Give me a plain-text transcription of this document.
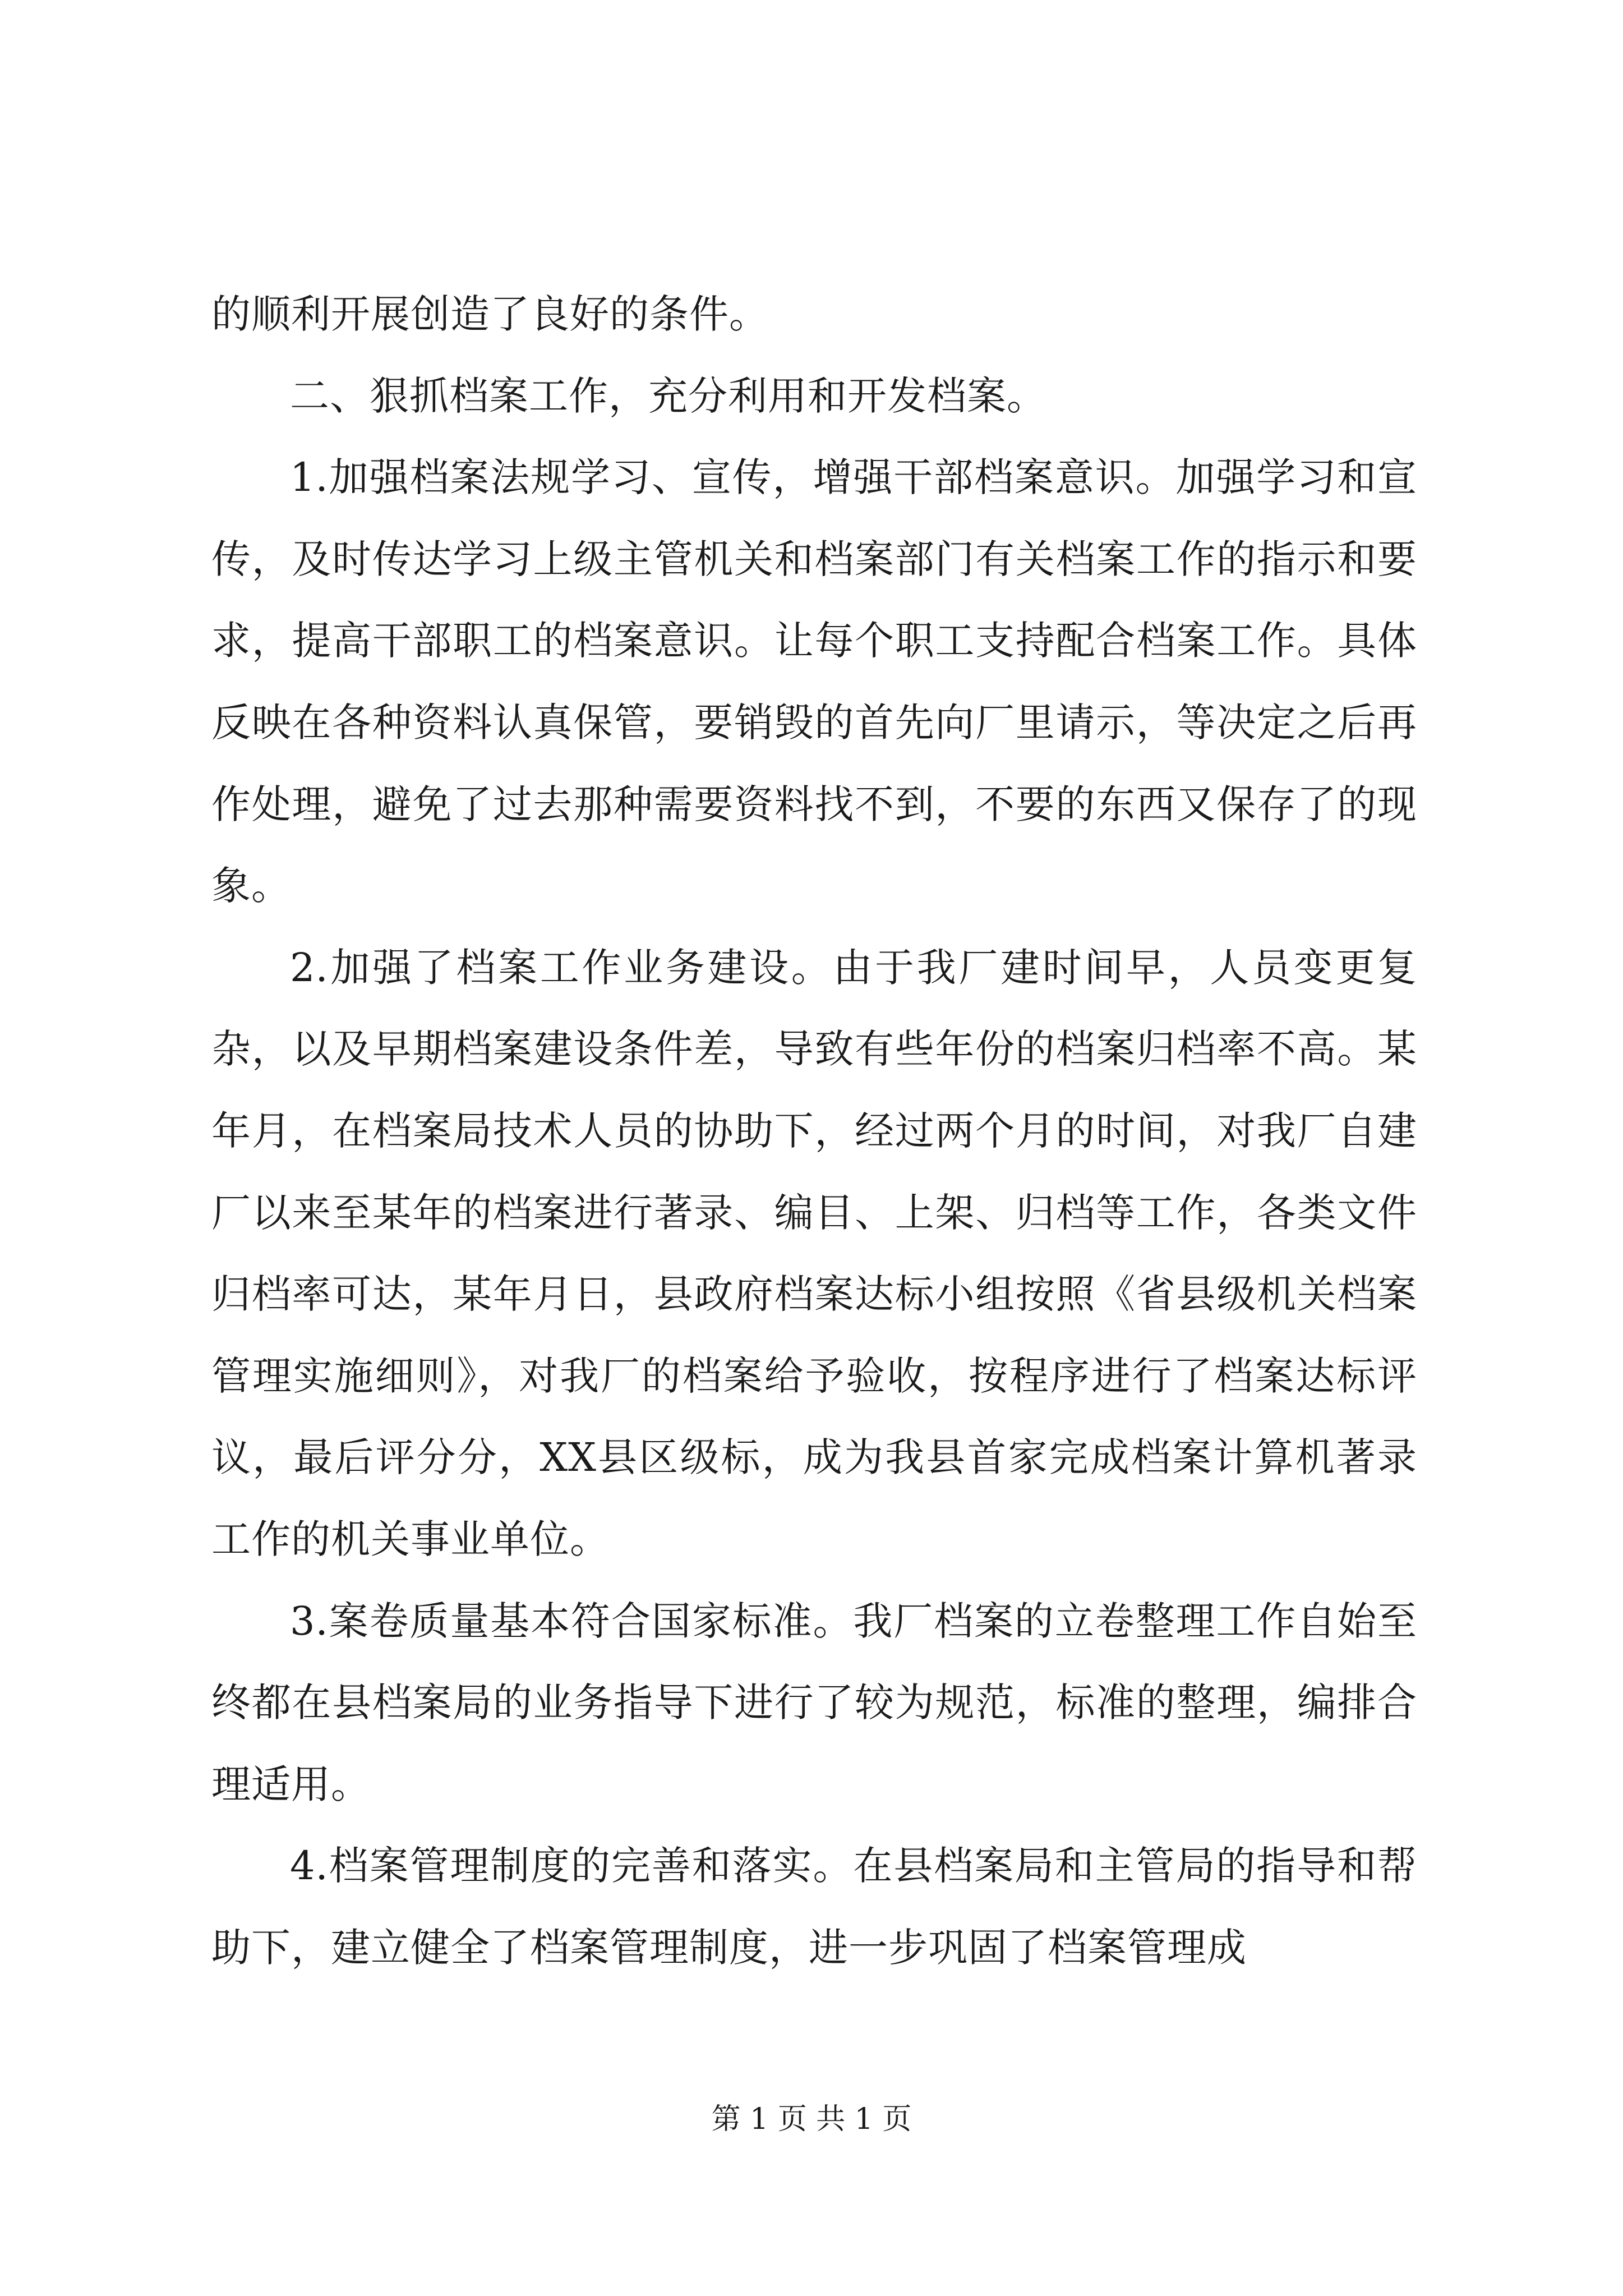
的顺利开展创造了良好的条件。

二、狠抓档案工作，充分利用和开发档案。

1.加强档案法规学习、宣传，增强干部档案意识。加强学习和宣传，及时传达学习上级主管机关和档案部门有关档案工作的指示和要求，提高干部职工的档案意识。让每个职工支持配合档案工作。具体反映在各种资料认真保管，要销毁的首先向厂里请示，等决定之后再作处理，避免了过去那种需要资料找不到，不要的东西又保存了的现象。

2.加强了档案工作业务建设。由于我厂建时间早，人员变更复杂，以及早期档案建设条件差，导致有些年份的档案归档率不高。某年月，在档案局技术人员的协助下，经过两个月的时间，对我厂自建厂以来至某年的档案进行著录、编目、上架、归档等工作，各类文件归档率可达，某年月日，县政府档案达标小组按照《省县级机关档案管理实施细则》，对我厂的档案给予验收，按程序进行了档案达标评议，最后评分分，XX县区级标，成为我县首家完成档案计算机著录工作的机关事业单位。

3.案卷质量基本符合国家标准。我厂档案的立卷整理工作自始至终都在县档案局的业务指导下进行了较为规范，标准的整理，编排合理适用。

4.档案管理制度的完善和落实。在县档案局和主管局的指导和帮助下，建立健全了档案管理制度，进一步巩固了档案管理成

第 1 页 共 1 页
